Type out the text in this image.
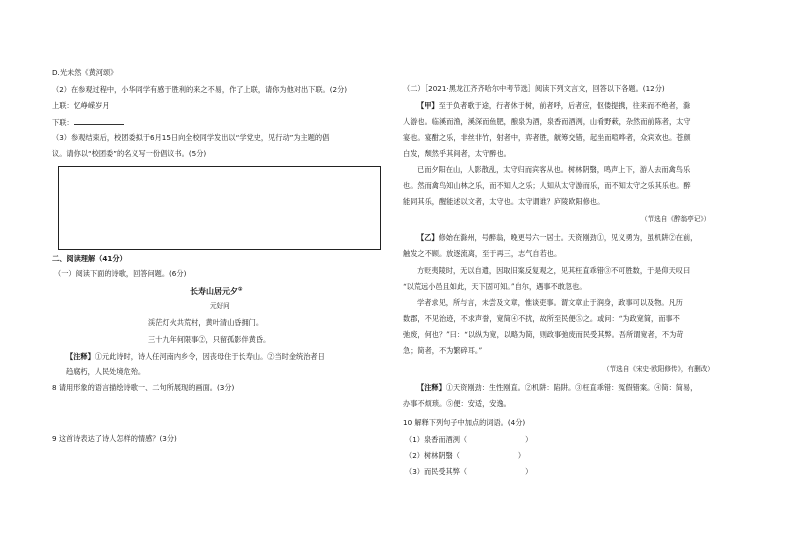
D.光未然《黄河颂》
（2）在参观过程中，小华同学有感于胜利的来之不易，作了上联，请你为他对出下联。(2分)
上联：忆峥嵘岁月
下联：
（3）参观结束后，校团委拟于6月15日向全校同学发出以“学党史，见行动”为主题的倡
议。请你以“校团委”的名义写一份倡议书。(5分)
二、阅读理解（41分）
（一）阅读下面的诗歌，回答问题。(6分)
长寿山居元夕①
元好问
渓茫灯火共荒村，黄叶清山昏拥门。
三十九年何限事②，只留孤影伴黄昏。
【注释】①元此诗时，诗人任河南内乡令，因丧母住于长寿山。②当时金统治者日
趋腐朽，人民处境危殆。
8 请用形象的语言描绘诗歌一、二句所展现的画面。(3分)
9 这首诗表达了诗人怎样的情感？(3分)
（二）［2021·黑龙江齐齐哈尔中考节选］阅读下列文言文，回答以下各题。(12分)
【甲】至于负者歌于途，行者休于树，前者呼，后者应，伛偻提携，往来而不绝者，滁
人游也。临溪而渔，溪深而鱼肥，酿泉为酒，泉香而酒洌，山肴野蔌，杂然而前陈者，太守
宴也。宴酣之乐，非丝非竹，射者中，弈者胜，觥筹交错，起坐而喧哗者，众宾欢也。苍颜
白发，颓然乎其间者，太守醉也。
已而夕阳在山，人影散乱，太守归而宾客从也。树林阴翳，鸣声上下，游人去而禽鸟乐
也。然而禽鸟知山林之乐，而不知人之乐；人知从太守游而乐，而不知太守之乐其乐也。醉
能同其乐，醒能述以文者，太守也。太守谓谁？庐陵欧阳修也。
（节选自《醉翁亭记》）
【乙】修始在滁州，号醉翁，晚更号六一居士。天资刚劲①，见义勇为，虽机阱②在前，
触发之不顾。放逐流离，至于再三，志气自若也。
方贬夷陵时，无以自遣，因取旧案反复观之，见其枉直乖错③不可胜数，于是仰天叹曰
“以荒远小邑且如此，天下固可知。”自尔，遇事不敢忽也。
学者求见，所与言，未尝及文章，惟谈吏事。谓文章止于润身，政事可以及物。凡历
数郡，不见治迹，不求声誉，宽简④不扰，故所至民便⑤之。或问：“为政宽简，而事不
弛废，何也？”曰：“以纵为宽，以略为简，则政事弛废而民受其弊。吾所谓宽者，不为苛
急；简者，不为繁碎耳。”
（节选自《宋史·欧阳修传》，有删改）
【注释】①天资刚劲：生性刚直。②机阱：陷阱。③枉直乖错：冤假错案。④简：简易，
办事不烦琐。⑤便：安适，安逸。
10 解释下列句子中加点的词语。(4分)
（1）泉香而酒洌（	）
（2）树林阴翳（	）
（3）而民受其弊（	）
